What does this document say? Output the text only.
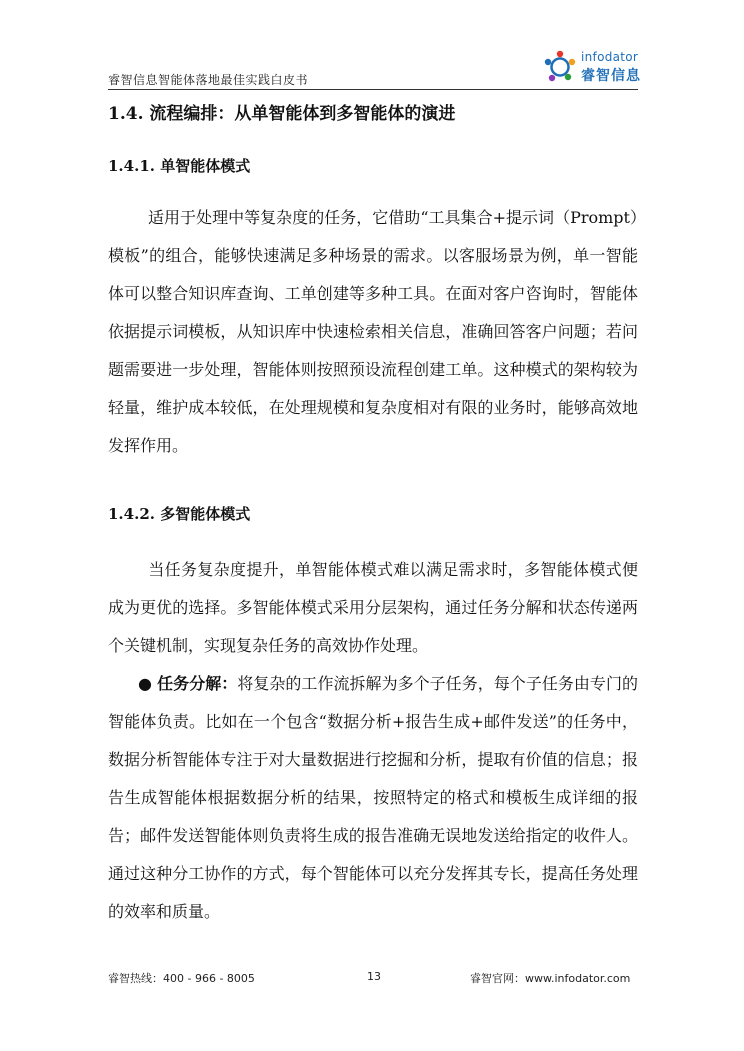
睿智信息智能体落地最佳实践白皮书
infodator
睿智信息
1.4. 流程编排：从单智能体到多智能体的演进
1.4.1. 单智能体模式

适用于处理中等复杂度的任务，它借助“工具集合+提示词（Prompt）模板”的组合，能够快速满足多种场景的需求。以客服场景为例，单一智能体可以整合知识库查询、工单创建等多种工具。在面对客户咨询时，智能体依据提示词模板，从知识库中快速检索相关信息，准确回答客户问题；若问题需要进一步处理，智能体则按照预设流程创建工单。这种模式的架构较为轻量，维护成本较低，在处理规模和复杂度相对有限的业务时，能够高效地发挥作用。

1.4.2. 多智能体模式

当任务复杂度提升，单智能体模式难以满足需求时，多智能体模式便成为更优的选择。多智能体模式采用分层架构，通过任务分解和状态传递两个关键机制，实现复杂任务的高效协作处理。

● 任务分解：将复杂的工作流拆解为多个子任务，每个子任务由专门的智能体负责。比如在一个包含“数据分析+报告生成+邮件发送”的任务中，数据分析智能体专注于对大量数据进行挖掘和分析，提取有价值的信息；报告生成智能体根据数据分析的结果，按照特定的格式和模板生成详细的报告；邮件发送智能体则负责将生成的报告准确无误地发送给指定的收件人。通过这种分工协作的方式，每个智能体可以充分发挥其专长，提高任务处理的效率和质量。

睿智热线：400 - 966 - 8005	13	睿智官网：www.infodator.com
